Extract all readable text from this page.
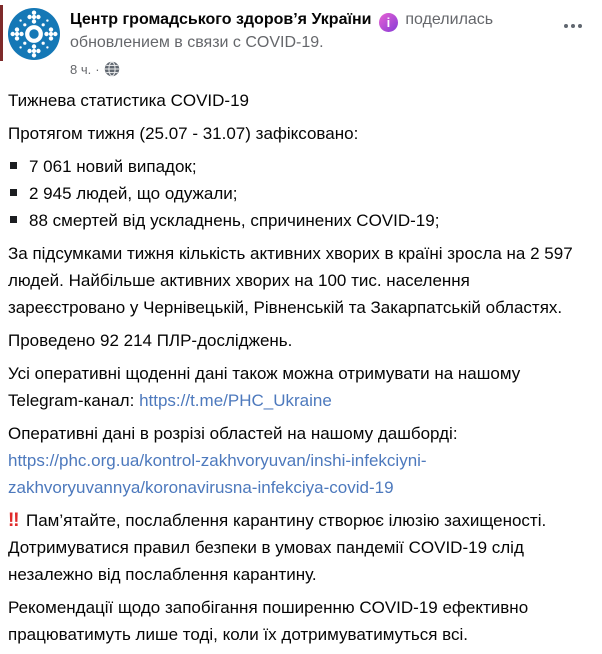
Центр громадського здоров’я України i поделилась обновлением в связи с COVID-19.
8 ч. ·

Тижнева статистика COVID-19

Протягом тижня (25.07 - 31.07) зафіксовано:

7 061 новий випадок;
2 945 людей, що одужали;
88 смертей від ускладнень, спричинених COVID-19;

За підсумками тижня кількість активних хворих в країні зросла на 2 597 людей. Найбільше активних хворих на 100 тис. населення зареєстровано у Чернівецькій, Рівненській та Закарпатській областях.

Проведено 92 214 ПЛР-досліджень.

Усі оперативні щоденні дані також можна отримувати на нашому Telegram-канал: https://t.me/PHC_Ukraine

Оперативні дані в розрізі областей на нашому дашборді: https://phc.org.ua/kontrol-zakhvoryuvan/inshi-infekciyni-zakhvoryuvannya/koronavirusna-infekciya-covid-19

‼ Пам’ятайте, послаблення карантину створює ілюзію захищеності. Дотримуватися правил безпеки в умовах пандемії COVID-19 слід незалежно від послаблення карантину.

Рекомендації щодо запобігання поширенню COVID-19 ефективно працюватимуть лише тоді, коли їх дотримуватимуться всі.
